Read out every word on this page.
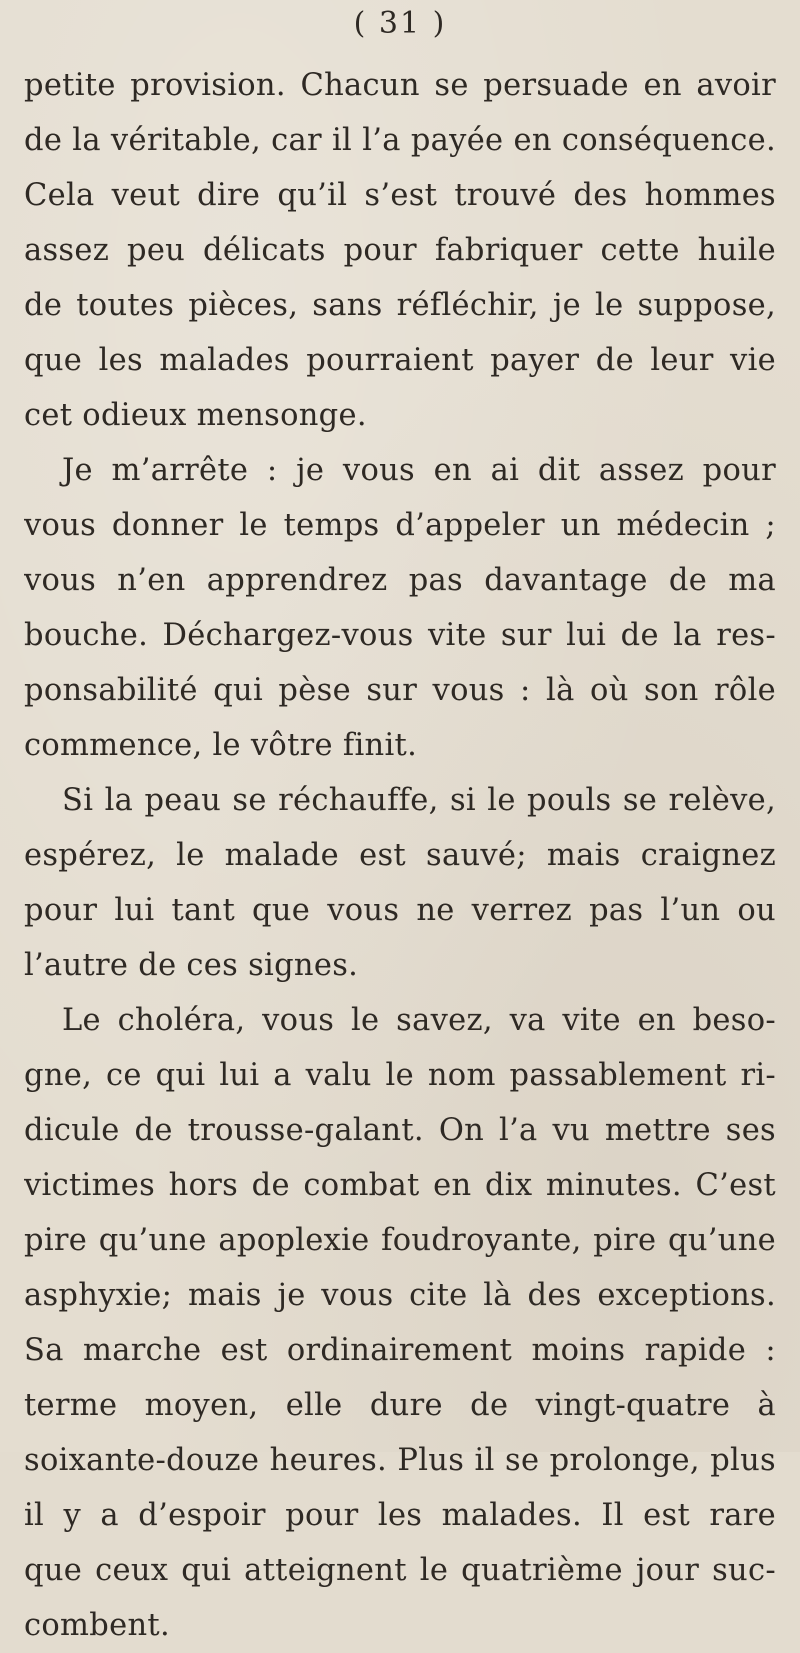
( 31 )
petite provision. Chacun se persuade en avoir
de la véritable, car il l’a payée en conséquence.
Cela veut dire qu’il s’est trouvé des hommes
assez peu délicats pour fabriquer cette huile
de toutes pièces, sans réfléchir, je le suppose,
que les malades pourraient payer de leur vie
cet odieux mensonge.
Je m’arrête : je vous en ai dit assez pour
vous donner le temps d’appeler un médecin ;
vous n’en apprendrez pas davantage de ma
bouche. Déchargez-vous vite sur lui de la res-
ponsabilité qui pèse sur vous : là où son rôle
commence, le vôtre finit.
Si la peau se réchauffe, si le pouls se relève,
espérez, le malade est sauvé; mais craignez
pour lui tant que vous ne verrez pas l’un ou
l’autre de ces signes.
Le choléra, vous le savez, va vite en beso-
gne, ce qui lui a valu le nom passablement ri-
dicule de trousse-galant. On l’a vu mettre ses
victimes hors de combat en dix minutes. C’est
pire qu’une apoplexie foudroyante, pire qu’une
asphyxie; mais je vous cite là des exceptions.
Sa marche est ordinairement moins rapide :
terme moyen, elle dure de vingt-quatre à
soixante-douze heures. Plus il se prolonge, plus
il y a d’espoir pour les malades. Il est rare
que ceux qui atteignent le quatrième jour suc-
combent.
